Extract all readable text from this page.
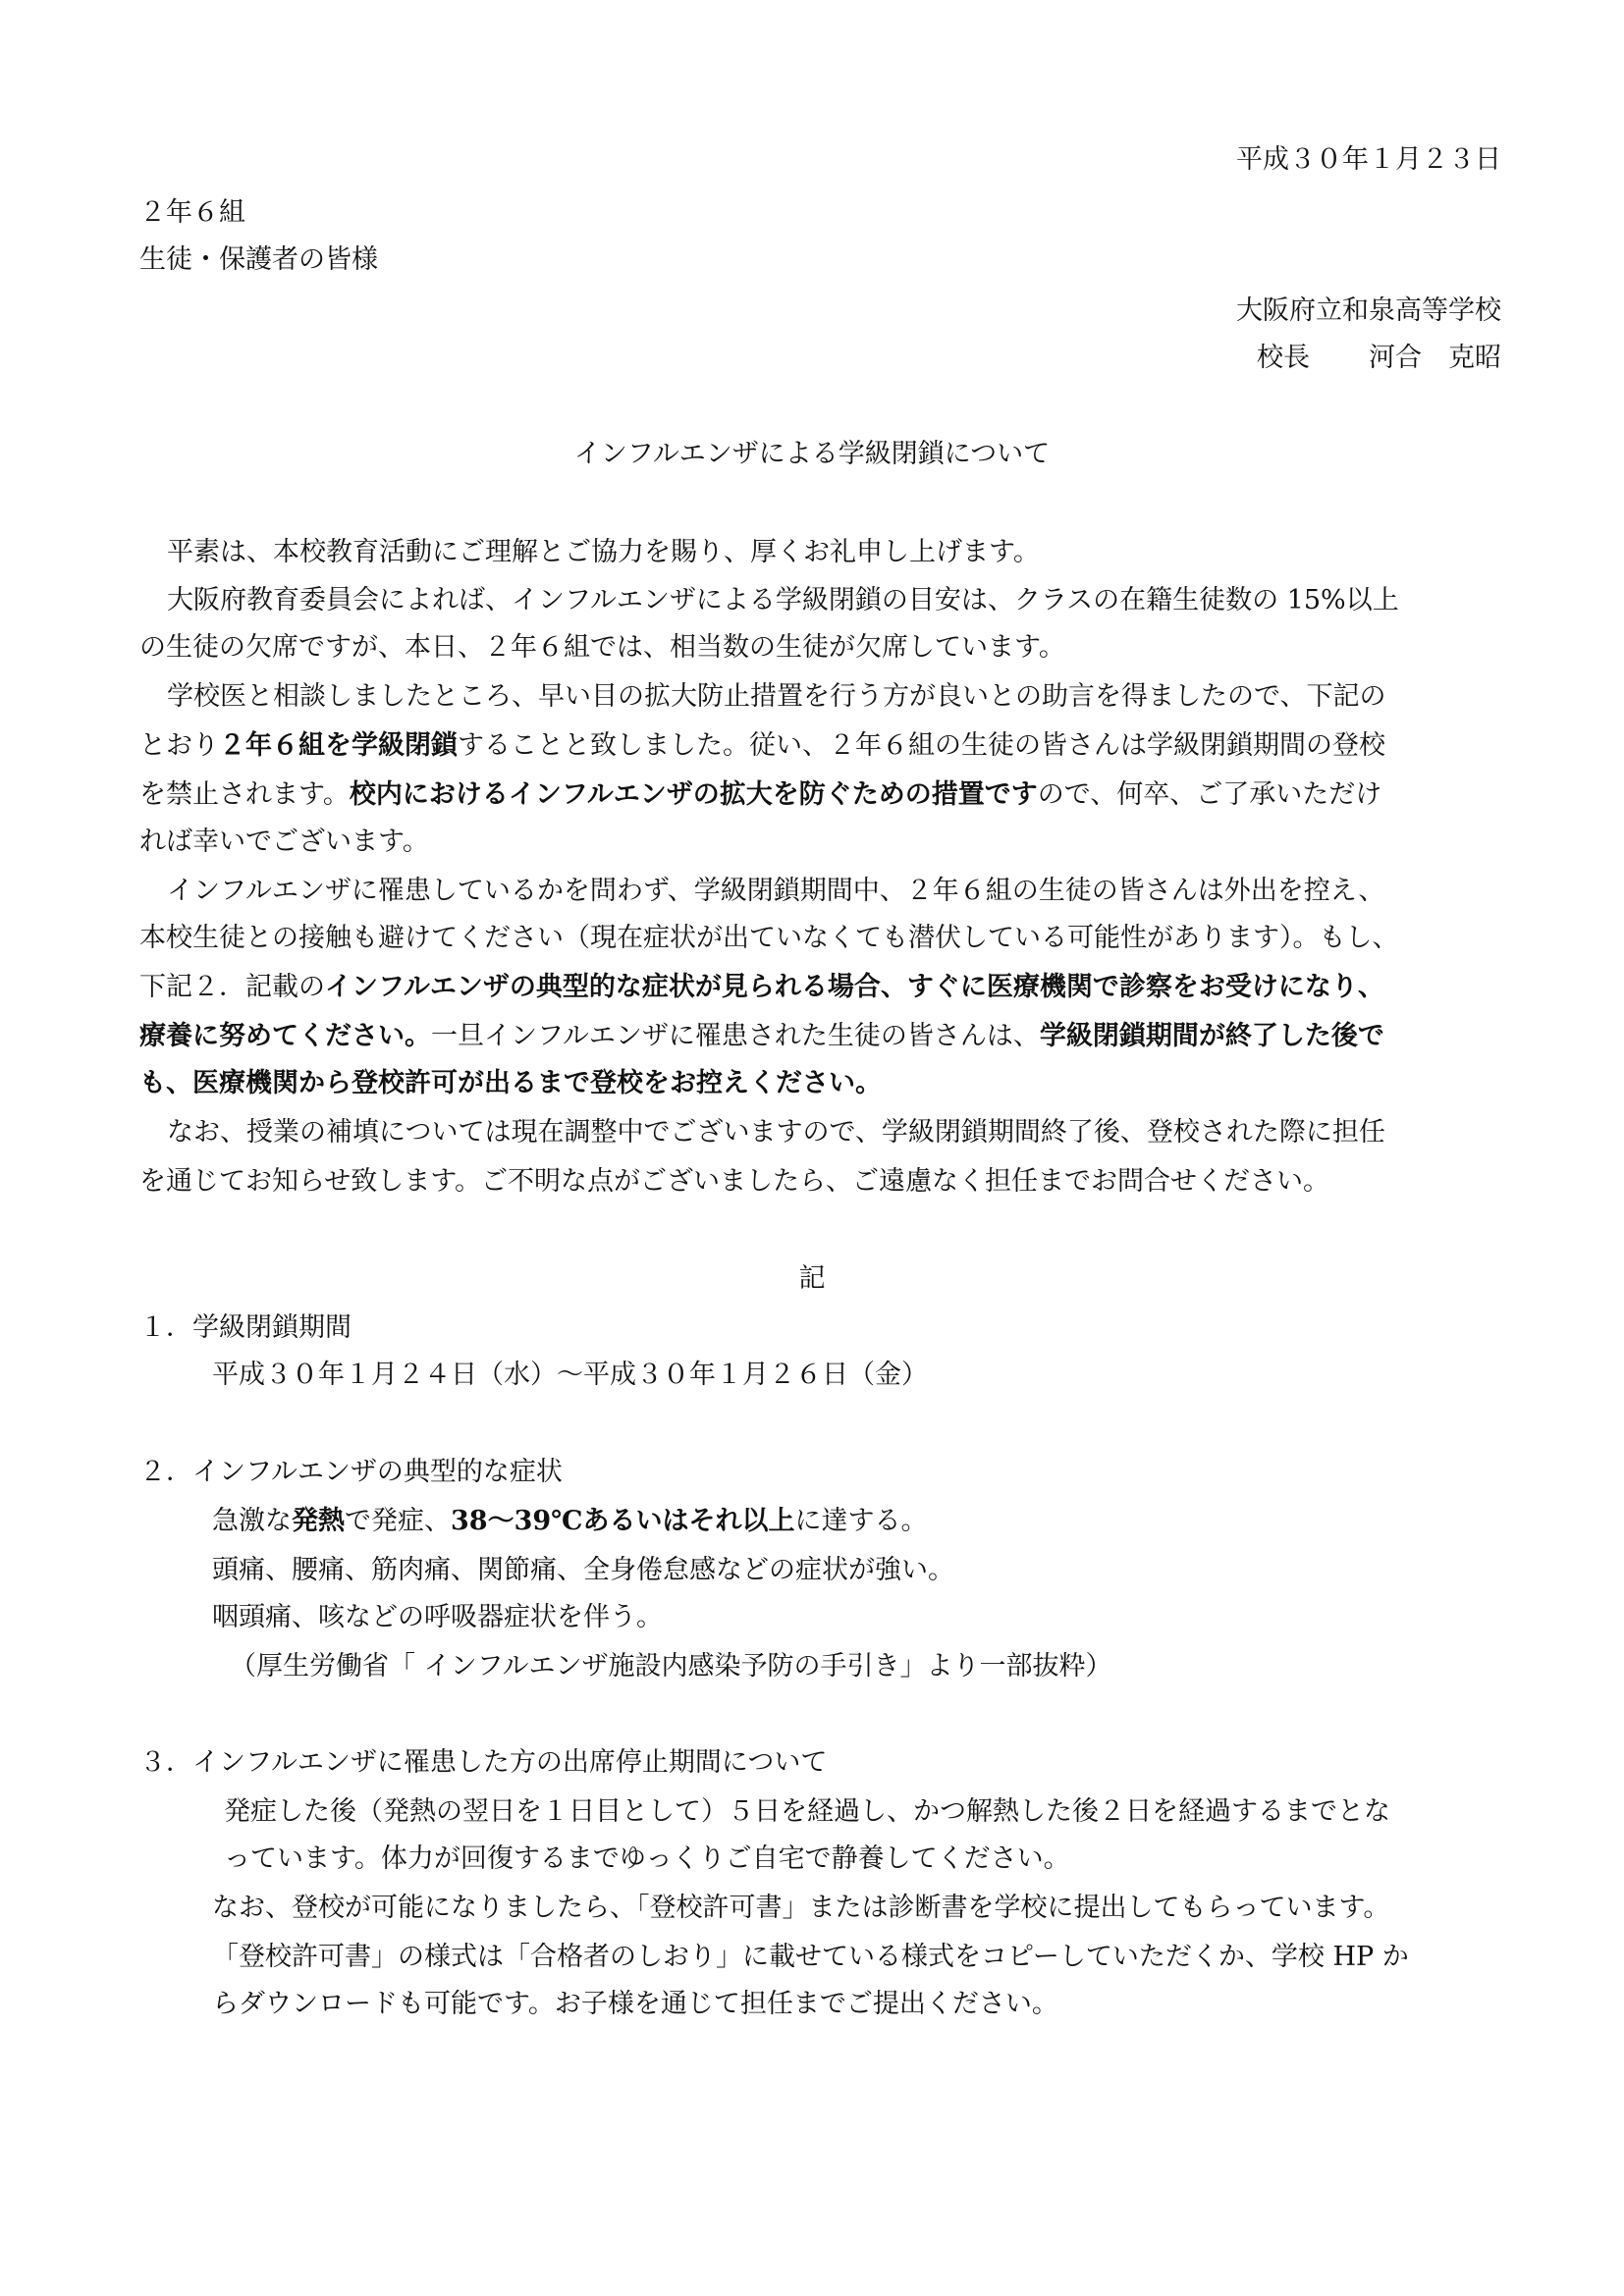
平成３０年１月２３日

２年６組

生徒・保護者の皆様

大阪府立和泉高等学校

校長 河合　克昭

インフルエンザによる学級閉鎖について

平素は、本校教育活動にご理解とご協力を賜り、厚くお礼申し上げます。

大阪府教育委員会によれば、インフルエンザによる学級閉鎖の目安は、クラスの在籍生徒数の 15%以上

の生徒の欠席ですが、本日、２年６組では、相当数の生徒が欠席しています。

学校医と相談しましたところ、早い目の拡大防止措置を行う方が良いとの助言を得ましたので、下記の

とおり２年６組を学級閉鎖することと致しました。従い、２年６組の生徒の皆さんは学級閉鎖期間の登校

を禁止されます。校内におけるインフルエンザの拡大を防ぐための措置ですので、何卒、ご了承いただけ

れば幸いでございます。

インフルエンザに罹患しているかを問わず、学級閉鎖期間中、２年６組の生徒の皆さんは外出を控え、

本校生徒との接触も避けてください（現在症状が出ていなくても潜伏している可能性があります）。もし、

下記２．記載のインフルエンザの典型的な症状が見られる場合、すぐに医療機関で診察をお受けになり、

療養に努めてください。一旦インフルエンザに罹患された生徒の皆さんは、学級閉鎖期間が終了した後で

も、医療機関から登校許可が出るまで登校をお控えください。

なお、授業の補填については現在調整中でございますので、学級閉鎖期間終了後、登校された際に担任

を通じてお知らせ致します。ご不明な点がございましたら、ご遠慮なく担任までお問合せください。

記

１．学級閉鎖期間

平成３０年１月２４日（水）～平成３０年１月２６日（金）

２．インフルエンザの典型的な症状

急激な発熱で発症、38～39℃あるいはそれ以上に達する。

頭痛、腰痛、筋肉痛、関節痛、全身倦怠感などの症状が強い。

咽頭痛、咳などの呼吸器症状を伴う。

（厚生労働省「 インフルエンザ施設内感染予防の手引き」より一部抜粋）

３．インフルエンザに罹患した方の出席停止期間について

発症した後（発熱の翌日を１日目として）５日を経過し、かつ解熱した後２日を経過するまでとな

っています。体力が回復するまでゆっくりご自宅で静養してください。

なお、登校が可能になりましたら、「登校許可書」または診断書を学校に提出してもらっています。

「登校許可書」の様式は「合格者のしおり」に載せている様式をコピーしていただくか、学校 HP か

らダウンロードも可能です。お子様を通じて担任までご提出ください。
